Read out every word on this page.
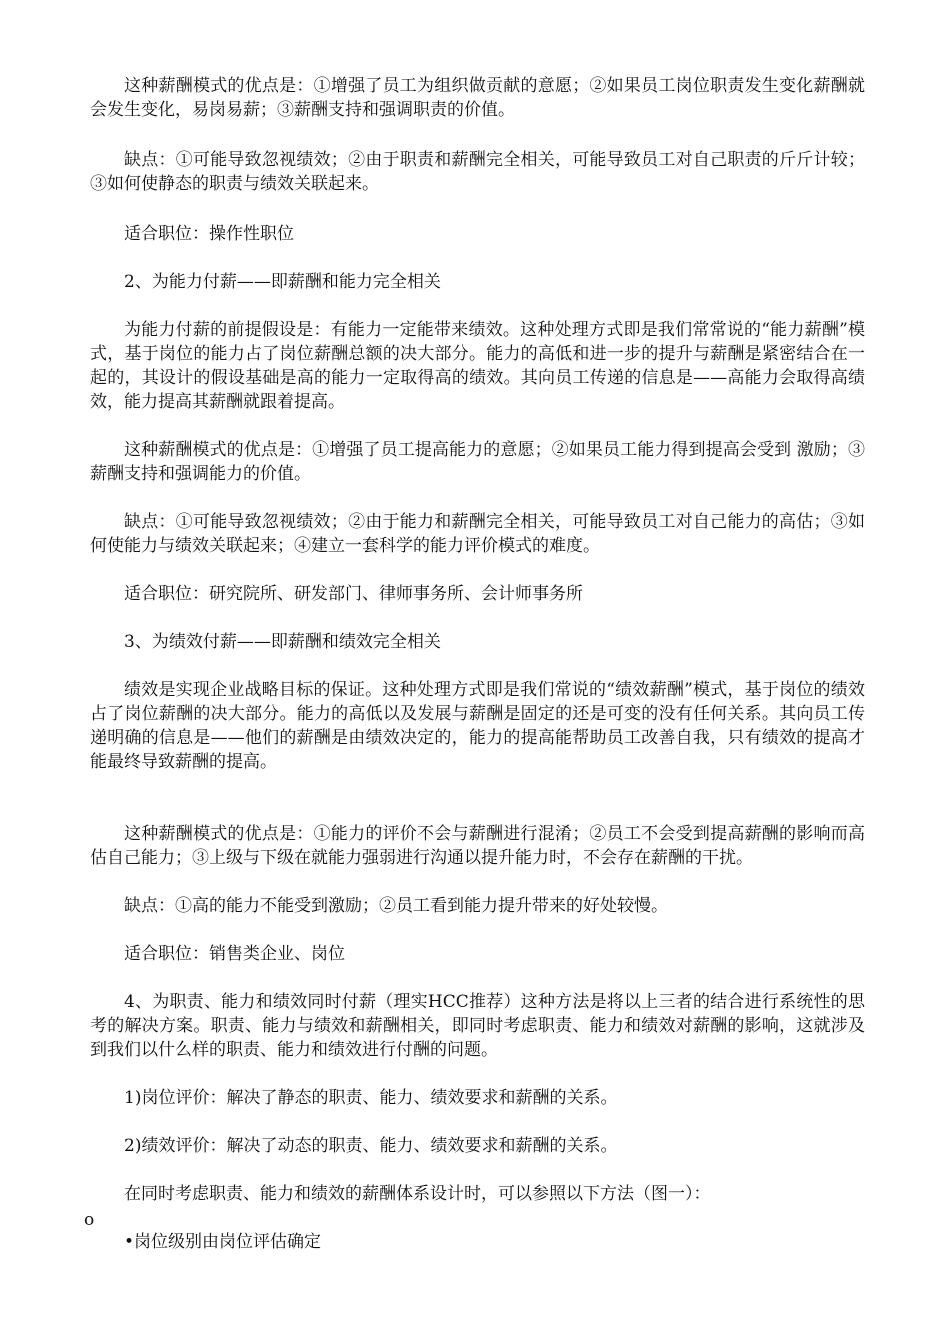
这种薪酬模式的优点是：①增强了员工为组织做贡献的意愿；②如果员工岗位职责发生变化薪酬就会发生变化，易岗易薪；③薪酬支持和强调职责的价值。

缺点：①可能导致忽视绩效；②由于职责和薪酬完全相关，可能导致员工对自己职责的斤斤计较；③如何使静态的职责与绩效关联起来。

适合职位：操作性职位

2、为能力付薪——即薪酬和能力完全相关

为能力付薪的前提假设是：有能力一定能带来绩效。这种处理方式即是我们常常说的“能力薪酬”模式，基于岗位的能力占了岗位薪酬总额的决大部分。能力的高低和进一步的提升与薪酬是紧密结合在一起的，其设计的假设基础是高的能力一定取得高的绩效。其向员工传递的信息是——高能力会取得高绩效，能力提高其薪酬就跟着提高。

这种薪酬模式的优点是：①增强了员工提高能力的意愿；②如果员工能力得到提高会受到 激励；③薪酬支持和强调能力的价值。

缺点：①可能导致忽视绩效；②由于能力和薪酬完全相关，可能导致员工对自己能力的高估；③如何使能力与绩效关联起来；④建立一套科学的能力评价模式的难度。

适合职位：研究院所、研发部门、律师事务所、会计师事务所

3、为绩效付薪——即薪酬和绩效完全相关

绩效是实现企业战略目标的保证。这种处理方式即是我们常说的“绩效薪酬”模式，基于岗位的绩效占了岗位薪酬的决大部分。能力的高低以及发展与薪酬是固定的还是可变的没有任何关系。其向员工传递明确的信息是——他们的薪酬是由绩效决定的，能力的提高能帮助员工改善自我，只有绩效的提高才能最终导致薪酬的提高。

这种薪酬模式的优点是：①能力的评价不会与薪酬进行混淆；②员工不会受到提高薪酬的影响而高估自己能力；③上级与下级在就能力强弱进行沟通以提升能力时，不会存在薪酬的干扰。

缺点：①高的能力不能受到激励；②员工看到能力提升带来的好处较慢。

适合职位：销售类企业、岗位

4、为职责、能力和绩效同时付薪（理实HCC推荐）这种方法是将以上三者的结合进行系统性的思考的解决方案。职责、能力与绩效和薪酬相关，即同时考虑职责、能力和绩效对薪酬的影响，这就涉及到我们以什么样的职责、能力和绩效进行付酬的问题。

1)岗位评价：解决了静态的职责、能力、绩效要求和薪酬的关系。

2)绩效评价：解决了动态的职责、能力、绩效要求和薪酬的关系。

在同时考虑职责、能力和绩效的薪酬体系设计时，可以参照以下方法（图一）：

o

•岗位级别由岗位评估确定
